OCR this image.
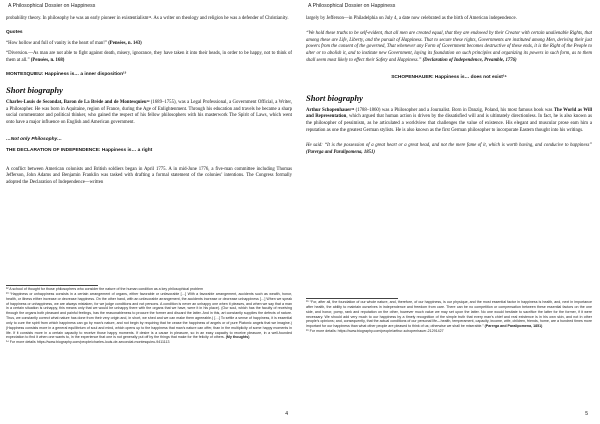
A Philosophical Dossier on Happiness

probability theory. In philosophy he was an early pioneer in existentialism¹². As a writer on theology and religion he was a defender of Christianity.

Quotes

“How hollow and full of vanity is the heart of man!” (Pensées, n. 143)

“Diversion.—As man are not able to fight against death, misery, ignorance, they have taken it into their heads, in order to be happy, not to think of them at all.” (Pensées, n. 168)

MONTESQUIEU: Happiness is… a inner disposition¹³

Short biography

Charles-Louis de Secondat, Baron de La Brède and de Montesquieu¹⁴ (1689–1755), was a Legal Professional, a Government Official, a Writer, a Philosopher. He was born in Aquitaine, region of France, during the Age of Enlightenment. Through his education and travels he became a sharp social commentator and political thinker, who gained the respect of his fellow philosophers with his masterwork The Spirit of Laws, which went onto have a major influence on English and American government.

…Not only Philosophy…

THE DECLARATION OF INDEPENDENCE: Happiness is… a right

A conflict between American colonists and British soldiers began in April 1775. A in mid-June 1776, a five-man committee including Thomas Jefferson, John Adams and Benjamin Franklin was tasked with drafting a formal statement of the colonies’ intentions. The Congress formally adopted the Declaration of Independence—written

¹² A school of thought for those philosophers who consider the nature of the human condition as a key philosophical problem
¹³ “Happiness or unhappiness consists in a certain arrangement of organs, either favorable or unfavorable […] With a favorable arrangement, accidents such as wealth, honor, health, or illness either increase or decrease happiness. On the other hand, with an unfavorable arrangement, the accidents increase or decrease unhappiness […] When we speak of happiness or unhappiness, we are always mistaken, for we judge conditions and not persons. A condition is never an unhappy one when it pleases, and when we say that a man in a certain situation is unhappy, this means only that we would be unhappy there with the organs that we have, were it in his place). (Our soul, which has the faculty of receiving through the organs both pleasant and painful feelings, has the reasonableness to procure the former and discard the latter. And in this, art constantly supplies the defects of nature. Thus, we constantly correct what nature has done from their very origin and, in short, we shed and we can make them agreeable.) […] To settle a sense of happiness, it is essential only to cure the spirit from which happiness can go by man’s nature, and not begin by requiring that he cease the happiness of angels or of pure Platonic angels that we imagine.) (Happiness consists more in a general equilibrium of soul and mind, which opens up to the happiness that man’s nature can offer, than in the multiplicity of some happy moments in life. If it consists more in a certain capacity to receive those happy moments. If desire is a cause in pleasure, so in an easy capacity to receive pleasure, in a well-founded expectation to find it when one wants to, in the experience that one is not generally put off by the things that make for the felicity of others. (My thoughts)
¹⁴ For more details https://www.biography.com/people/charles-louis-de-secondat-montesquieu-9411113
4
A Philosophical Dossier on Happiness

largely by Jefferson—in Philadelphia on July 4, a date now celebrated as the birth of American independence.

“We hold these truths to be self-evident, that all men are created equal, that they are endowed by their Creator with certain unalienable Rights, that among these are Life, Liberty, and the pursuit of Happiness. That to secure these rights, Governments are instituted among Men, deriving their just powers from the consent of the governed, That whenever any Form of Government becomes destructive of these ends, it is the Right of the People to alter or to abolish it, and to institute new Government, laying its foundation on such principles and organizing its powers in such form, as to them shall seem most likely to effect their Safety and Happiness.” (Declaration of Independence, Preamble, 1776)

SCHOPENHAUER: Happiness is… does not exist¹⁵

Short biography

Arthur Schopenhauer¹⁶ (1788–1860) was a Philosopher and a Journalist. Born in Danzig, Poland, his most famous book was The World as Will and Representation, which argued that human action is driven by the dissatisfied will and is ultimately directionless. In fact, he is also known as the philosopher of pessimism, as he articulated a worldview that challenges the value of existence. His elegant and muscular prose earn him a reputation as one the greatest German stylists. He is also known as the first German philosopher to incorporate Eastern thought into his writings.

He said: “It is the possession of a great heart or a great head, and not the mere fame of it, which is worth having, and conducive to happiness” (Parerga and Paralipomena, 1851)

¹⁵ “For, after all, the foundation of our whole nature, and, therefore, of our happiness, is our physique, and the most essential factor in happiness is health, and, next in importance after health, the ability to maintain ourselves in independence and freedom from care. There can be no competition or compensation between these essential factors on the one side, and honor, pomp, rank and reputation on the other, however much value we may set upon the latter. No one would hesitate to sacrifice the latter for the former, if it were necessary. We should add very much to our happiness by a timely recognition of the simple truth that every man’s chief and real existence is in his own skin, and not in other people’s opinions; and, consequently, that the actual conditions of our personal life—health, temperament, capacity, income, wife, children, friends, home, are a hundred times more important for our happiness than what other people are pleased to think of us; otherwise we shall be miserable.” (Parerga and Paralipomena, 1851)
¹⁶ For more details: https://www.biography.com/people/arthur-schopenhauer-21291427
5
